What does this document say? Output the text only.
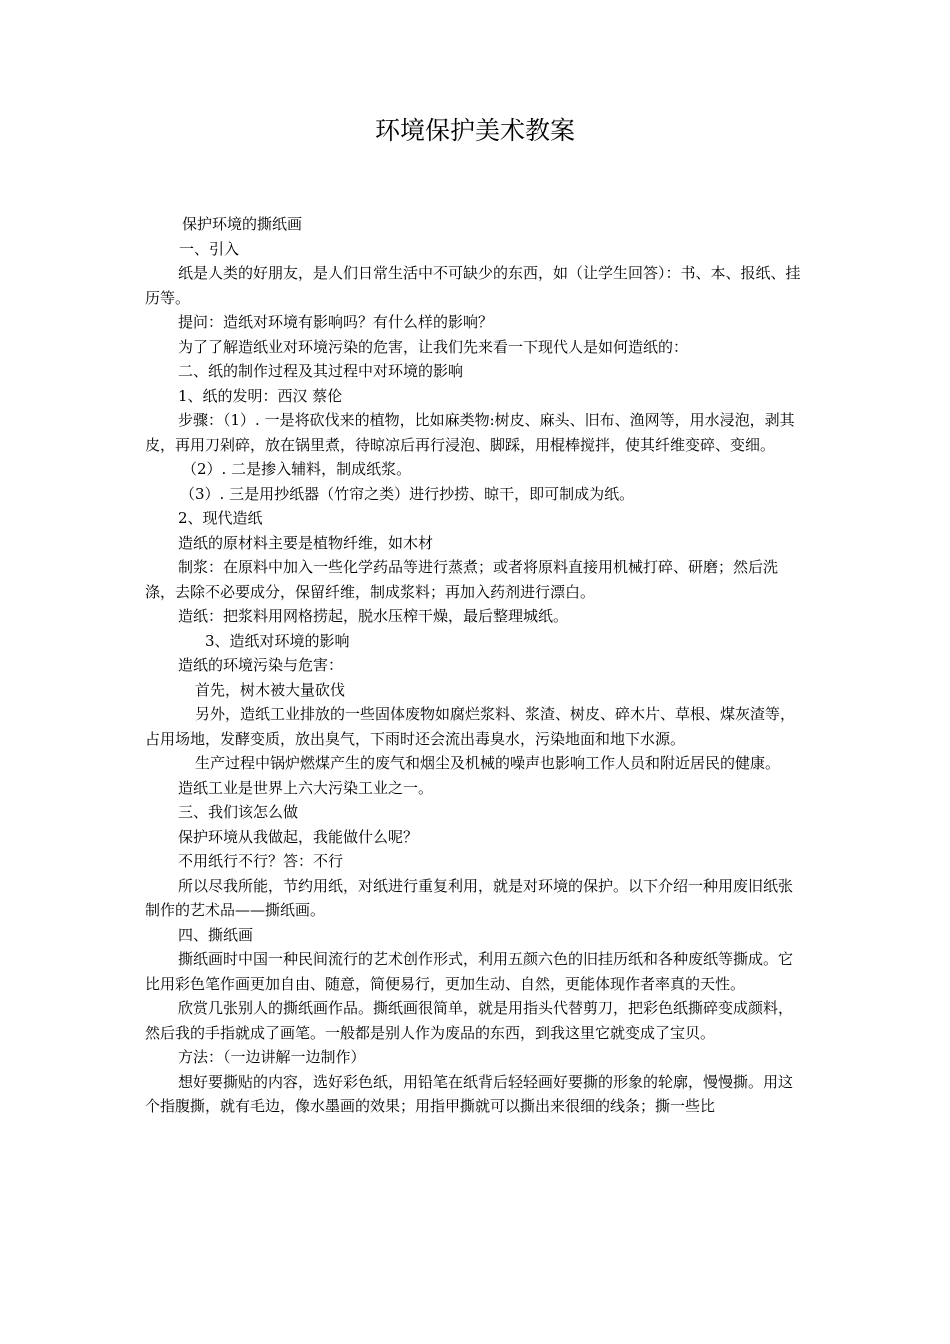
环境保护美术教案

保护环境的撕纸画

一、引入

纸是人类的好朋友，是人们日常生活中不可缺少的东西，如（让学生回答）：书、本、报纸、挂历等。

提问：造纸对环境有影响吗？有什么样的影响？

为了了解造纸业对环境污染的危害，让我们先来看一下现代人是如何造纸的：

二、纸的制作过程及其过程中对环境的影响

1、纸的发明：西汉 蔡伦

步骤：（1）. 一是将砍伐来的植物，比如麻类物:树皮、麻头、旧布、渔网等，用水浸泡，剥其皮，再用刀剁碎，放在锅里煮，待晾凉后再行浸泡、脚踩，用棍棒搅拌，使其纤维变碎、变细。

（2）. 二是掺入辅料，制成纸浆。

（3）. 三是用抄纸器（竹帘之类）进行抄捞、晾干，即可制成为纸。

2、现代造纸

造纸的原材料主要是植物纤维，如木材

制浆：在原料中加入一些化学药品等进行蒸煮；或者将原料直接用机械打碎、研磨；然后洗涤，去除不必要成分，保留纤维，制成浆料；再加入药剂进行漂白。

造纸：把浆料用网格捞起，脱水压榨干燥，最后整理城纸。

3、造纸对环境的影响

造纸的环境污染与危害：

首先，树木被大量砍伐

另外，造纸工业排放的一些固体废物如腐烂浆料、浆渣、树皮、碎木片、草根、煤灰渣等，占用场地，发酵变质，放出臭气，下雨时还会流出毒臭水，污染地面和地下水源。

生产过程中锅炉燃煤产生的废气和烟尘及机械的噪声也影响工作人员和附近居民的健康。

造纸工业是世界上六大污染工业之一。

三、我们该怎么做

保护环境从我做起，我能做什么呢？

不用纸行不行？答：不行

所以尽我所能，节约用纸，对纸进行重复利用，就是对环境的保护。以下介绍一种用废旧纸张制作的艺术品——撕纸画。

四、撕纸画

撕纸画时中国一种民间流行的艺术创作形式，利用五颜六色的旧挂历纸和各种废纸等撕成。它比用彩色笔作画更加自由、随意，简便易行，更加生动、自然，更能体现作者率真的天性。

欣赏几张别人的撕纸画作品。撕纸画很简单，就是用指头代替剪刀，把彩色纸撕碎变成颜料，然后我的手指就成了画笔。一般都是别人作为废品的东西，到我这里它就变成了宝贝。

方法：（一边讲解一边制作）

想好要撕贴的内容，选好彩色纸，用铅笔在纸背后轻轻画好要撕的形象的轮廓，慢慢撕。用这个指腹撕，就有毛边，像水墨画的效果；用指甲撕就可以撕出来很细的线条；撕一些比
